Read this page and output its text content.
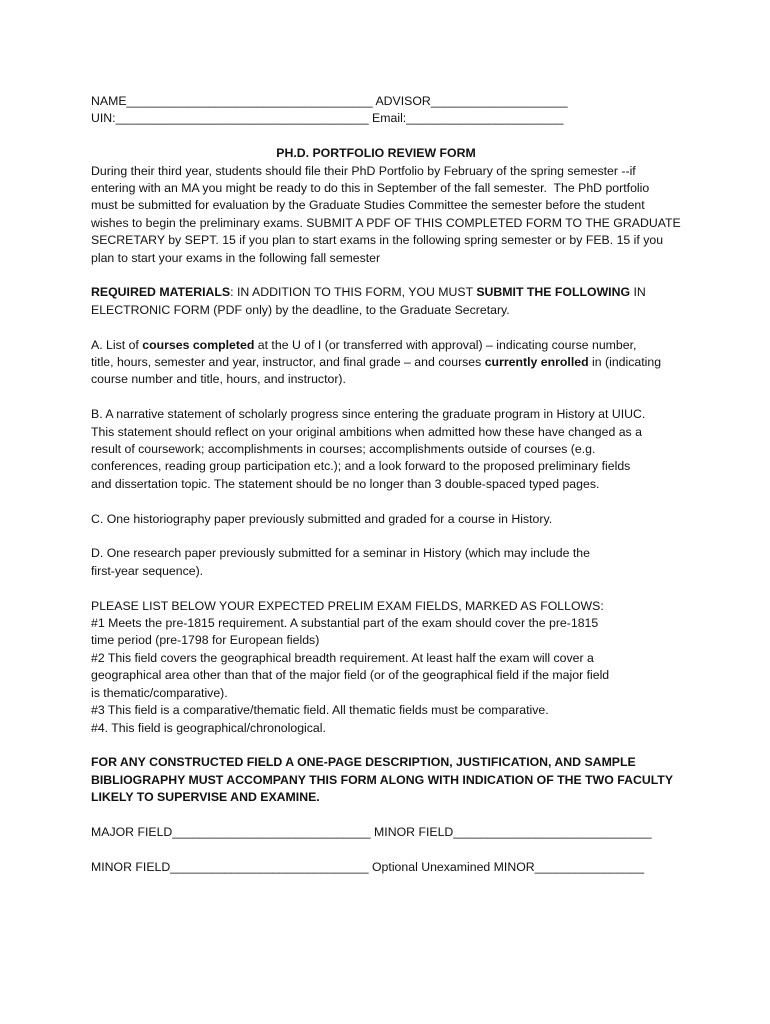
NAME____________________________________ ADVISOR____________________
UIN:_____________________________________ Email:_______________________
PH.D. PORTFOLIO REVIEW FORM
During their third year, students should file their PhD Portfolio by February of the spring semester --if
entering with an MA you might be ready to do this in September of the fall semester.  The PhD portfolio
must be submitted for evaluation by the Graduate Studies Committee the semester before the student
wishes to begin the preliminary exams. SUBMIT A PDF OF THIS COMPLETED FORM TO THE GRADUATE
SECRETARY by SEPT. 15 if you plan to start exams in the following spring semester or by FEB. 15 if you
plan to start your exams in the following fall semester
REQUIRED MATERIALS: IN ADDITION TO THIS FORM, YOU MUST SUBMIT THE FOLLOWING IN
ELECTRONIC FORM (PDF only) by the deadline, to the Graduate Secretary.
A. List of courses completed at the U of I (or transferred with approval) – indicating course number,
title, hours, semester and year, instructor, and final grade – and courses currently enrolled in (indicating
course number and title, hours, and instructor).
B. A narrative statement of scholarly progress since entering the graduate program in History at UIUC.
This statement should reflect on your original ambitions when admitted how these have changed as a
result of coursework; accomplishments in courses; accomplishments outside of courses (e.g.
conferences, reading group participation etc.); and a look forward to the proposed preliminary fields
and dissertation topic. The statement should be no longer than 3 double-spaced typed pages.
C. One historiography paper previously submitted and graded for a course in History.
D. One research paper previously submitted for a seminar in History (which may include the
first-year sequence).
PLEASE LIST BELOW YOUR EXPECTED PRELIM EXAM FIELDS, MARKED AS FOLLOWS:
#1 Meets the pre-1815 requirement. A substantial part of the exam should cover the pre-1815
time period (pre-1798 for European fields)
#2 This field covers the geographical breadth requirement. At least half the exam will cover a
geographical area other than that of the major field (or of the geographical field if the major field
is thematic/comparative).
#3 This field is a comparative/thematic field. All thematic fields must be comparative.
#4. This field is geographical/chronological.
FOR ANY CONSTRUCTED FIELD A ONE-PAGE DESCRIPTION, JUSTIFICATION, AND SAMPLE
BIBLIOGRAPHY MUST ACCOMPANY THIS FORM ALONG WITH INDICATION OF THE TWO FACULTY
LIKELY TO SUPERVISE AND EXAMINE.
MAJOR FIELD_____________________________ MINOR FIELD_____________________________
MINOR FIELD_____________________________ Optional Unexamined MINOR________________
